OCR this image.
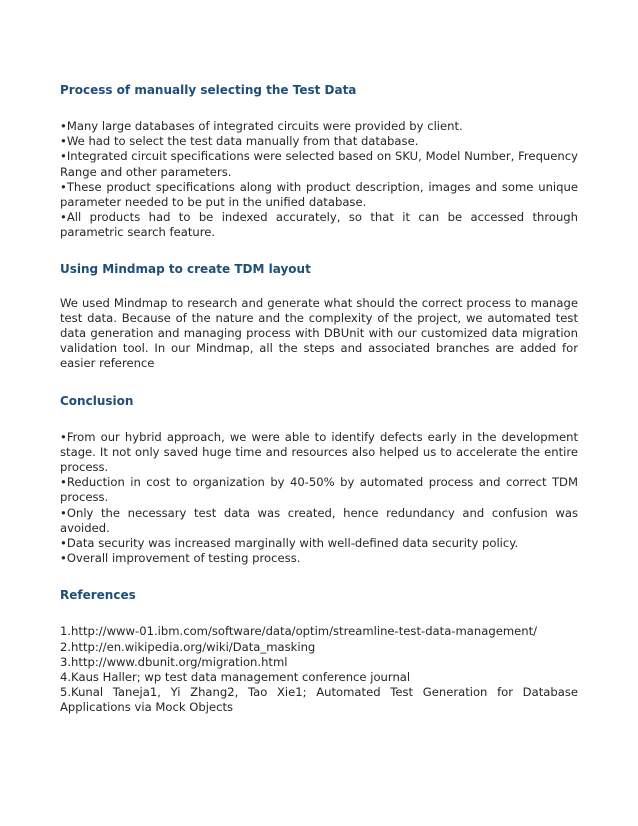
Process of manually selecting the Test Data
•Many large databases of integrated circuits were provided by client.
•We had to select the test data manually from that database.
•Integrated circuit specifications were selected based on SKU, Model Number, Frequency Range and other parameters.
•These product specifications along with product description, images and some unique parameter needed to be put in the unified database.
•All products had to be indexed accurately, so that it can be accessed through parametric search feature.
Using Mindmap to create TDM layout

We used Mindmap to research and generate what should the correct process to manage test data. Because of the nature and the complexity of the project, we automated test data generation and managing process with DBUnit with our customized data migration validation tool. In our Mindmap, all the steps and associated branches are added for easier reference

Conclusion
•From our hybrid approach, we were able to identify defects early in the development stage. It not only saved huge time and resources also helped us to accelerate the entire process.
•Reduction in cost to organization by 40-50% by automated process and correct TDM process.
•Only the necessary test data was created, hence redundancy and confusion was avoided.
•Data security was increased marginally with well-defined data security policy.
•Overall improvement of testing process.
References
1.http://www-01.ibm.com/software/data/optim/streamline-test-data-management/
2.http://en.wikipedia.org/wiki/Data_masking
3.http://www.dbunit.org/migration.html
4.Kaus Haller; wp test data management conference journal
5.Kunal Taneja1, Yi Zhang2, Tao Xie1; Automated Test Generation for Database Applications via Mock Objects
